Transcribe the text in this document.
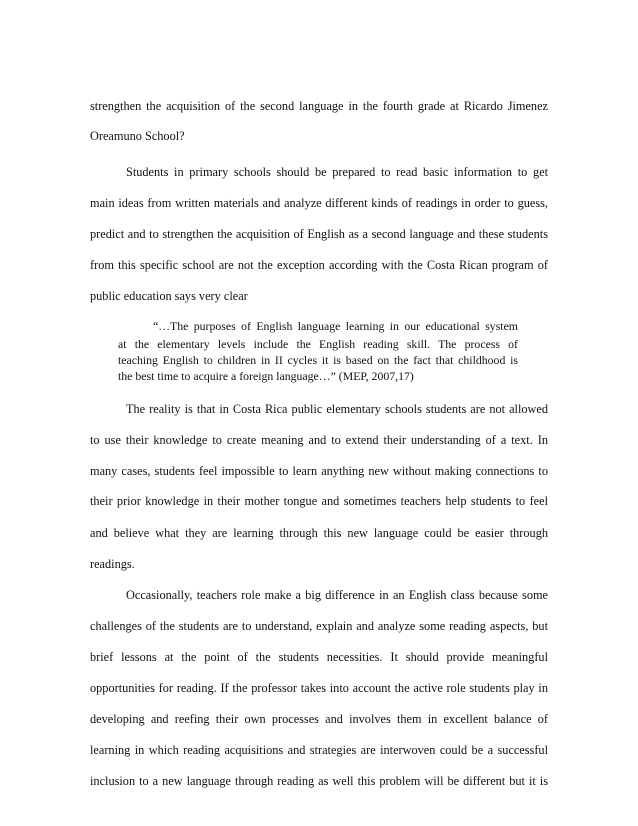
strengthen the acquisition of the second language in the fourth grade at Ricardo Jimenez
Oreamuno School?
Students in primary schools should be prepared to read basic information to get
main ideas from written materials and analyze different kinds of readings in order to guess,
predict and to strengthen the acquisition of English as a second language and these students
from this specific school are not the exception according with the Costa Rican program of
public education says very clear
“…The purposes of English language learning in our educational system
at the elementary levels include the English reading skill. The process of
teaching English to children in II cycles it is based on the fact that childhood is
the best time to acquire a foreign language…” (MEP, 2007,17)
The reality is that in Costa Rica public elementary schools students are not allowed
to use their knowledge to create meaning and to extend their understanding of a text. In
many cases, students feel impossible to learn anything new without making connections to
their prior knowledge in their mother tongue and sometimes teachers help students to feel
and believe what they are learning through this new language could be easier through
readings.
Occasionally, teachers role make a big difference in an English class because some
challenges of the students are to understand, explain and analyze some reading aspects, but
brief lessons at the point of the students necessities. It should provide meaningful
opportunities for reading. If the professor takes into account the active role students play in
developing and reefing their own processes and involves them in excellent balance of
learning in which reading acquisitions and strategies are interwoven could be a successful
inclusion to a new language through reading as well this problem will be different but it is
